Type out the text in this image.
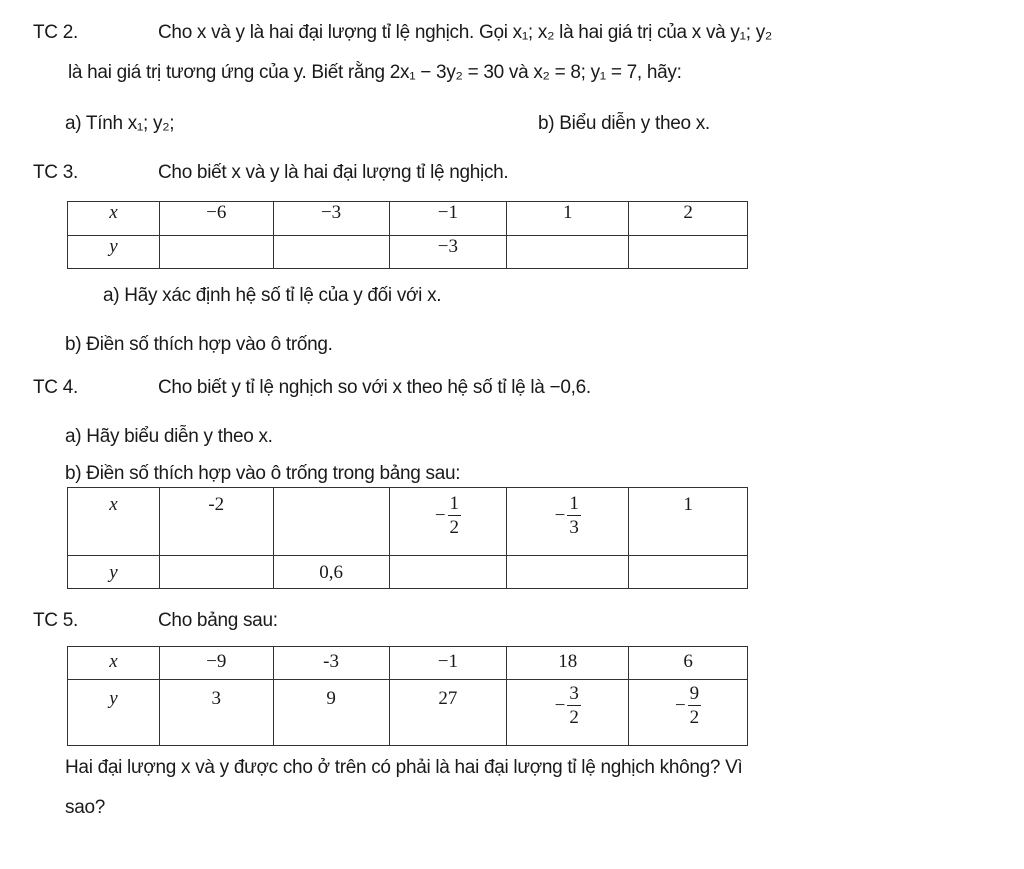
TC 2.	Cho x và y là hai đại lượng tỉ lệ nghịch. Gọi x₁; x₂ là hai giá trị của x và y₁; y₂
là hai giá trị tương ứng của y. Biết rằng 2x₁ − 3y₂ = 30 và x₂ = 8; y₁ = 7, hãy:
a) Tính x₁; y₂;	b) Biểu diễn y theo x.
TC 3.	Cho biết x và y là hai đại lượng tỉ lệ nghịch.
x	−6	−3	−1	1	2
y			−3		
a) Hãy xác định hệ số tỉ lệ của y đối với x.
b) Điền số thích hợp vào ô trống.
TC 4.	Cho biết y tỉ lệ nghịch so với x theo hệ số tỉ lệ là −0,6.
a) Hãy biểu diễn y theo x.
b) Điền số thích hợp vào ô trống trong bảng sau:
x	-2		− $\frac{1}{2}$	− $\frac{1}{3}$	1

y		0,6			

TC 5.	Cho bảng sau:
x	−9	-3	−1	18	6

y	3	9	27	− $\frac{3}{2}$	− $\frac{9}{2}$
Hai đại lượng x và y được cho ở trên có phải là hai đại lượng tỉ lệ nghịch không? Vì
sao?
